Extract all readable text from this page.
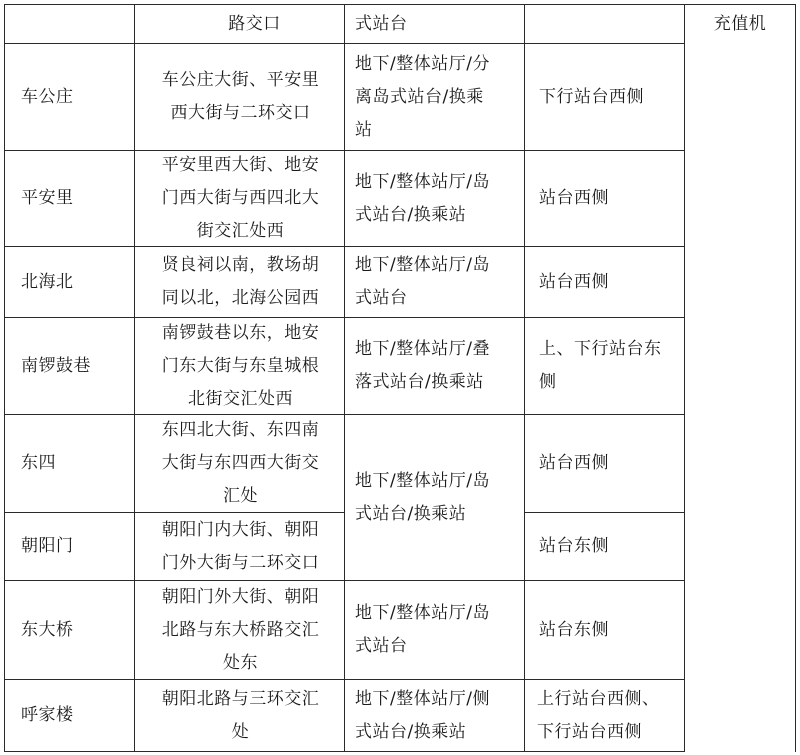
路交口	式站台	充值机
车公庄
车公庄大街、平安里
西大街与二环交口
地下/整体站厅/分
离岛式站台/换乘
站
下行站台西侧
平安里
平安里西大街、地安
门西大街与西四北大
街交汇处西
地下/整体站厅/岛
式站台/换乘站
站台西侧
北海北
贤良祠以南，教场胡
同以北，北海公园西
地下/整体站厅/岛
式站台
站台西侧
南锣鼓巷
南锣鼓巷以东，地安
门东大街与东皇城根
北街交汇处西
地下/整体站厅/叠
落式站台/换乘站
上、下行站台东
侧
东四
东四北大街、东四南
大街与东四西大街交
汇处
地下/整体站厅/岛
式站台/换乘站
站台西侧
朝阳门
朝阳门内大街、朝阳
门外大街与二环交口
站台东侧
东大桥
朝阳门外大街、朝阳
北路与东大桥路交汇
处东
地下/整体站厅/岛
式站台
站台东侧
呼家楼
朝阳北路与三环交汇
处
地下/整体站厅/侧
式站台/换乘站
上行站台西侧、
下行站台西侧
